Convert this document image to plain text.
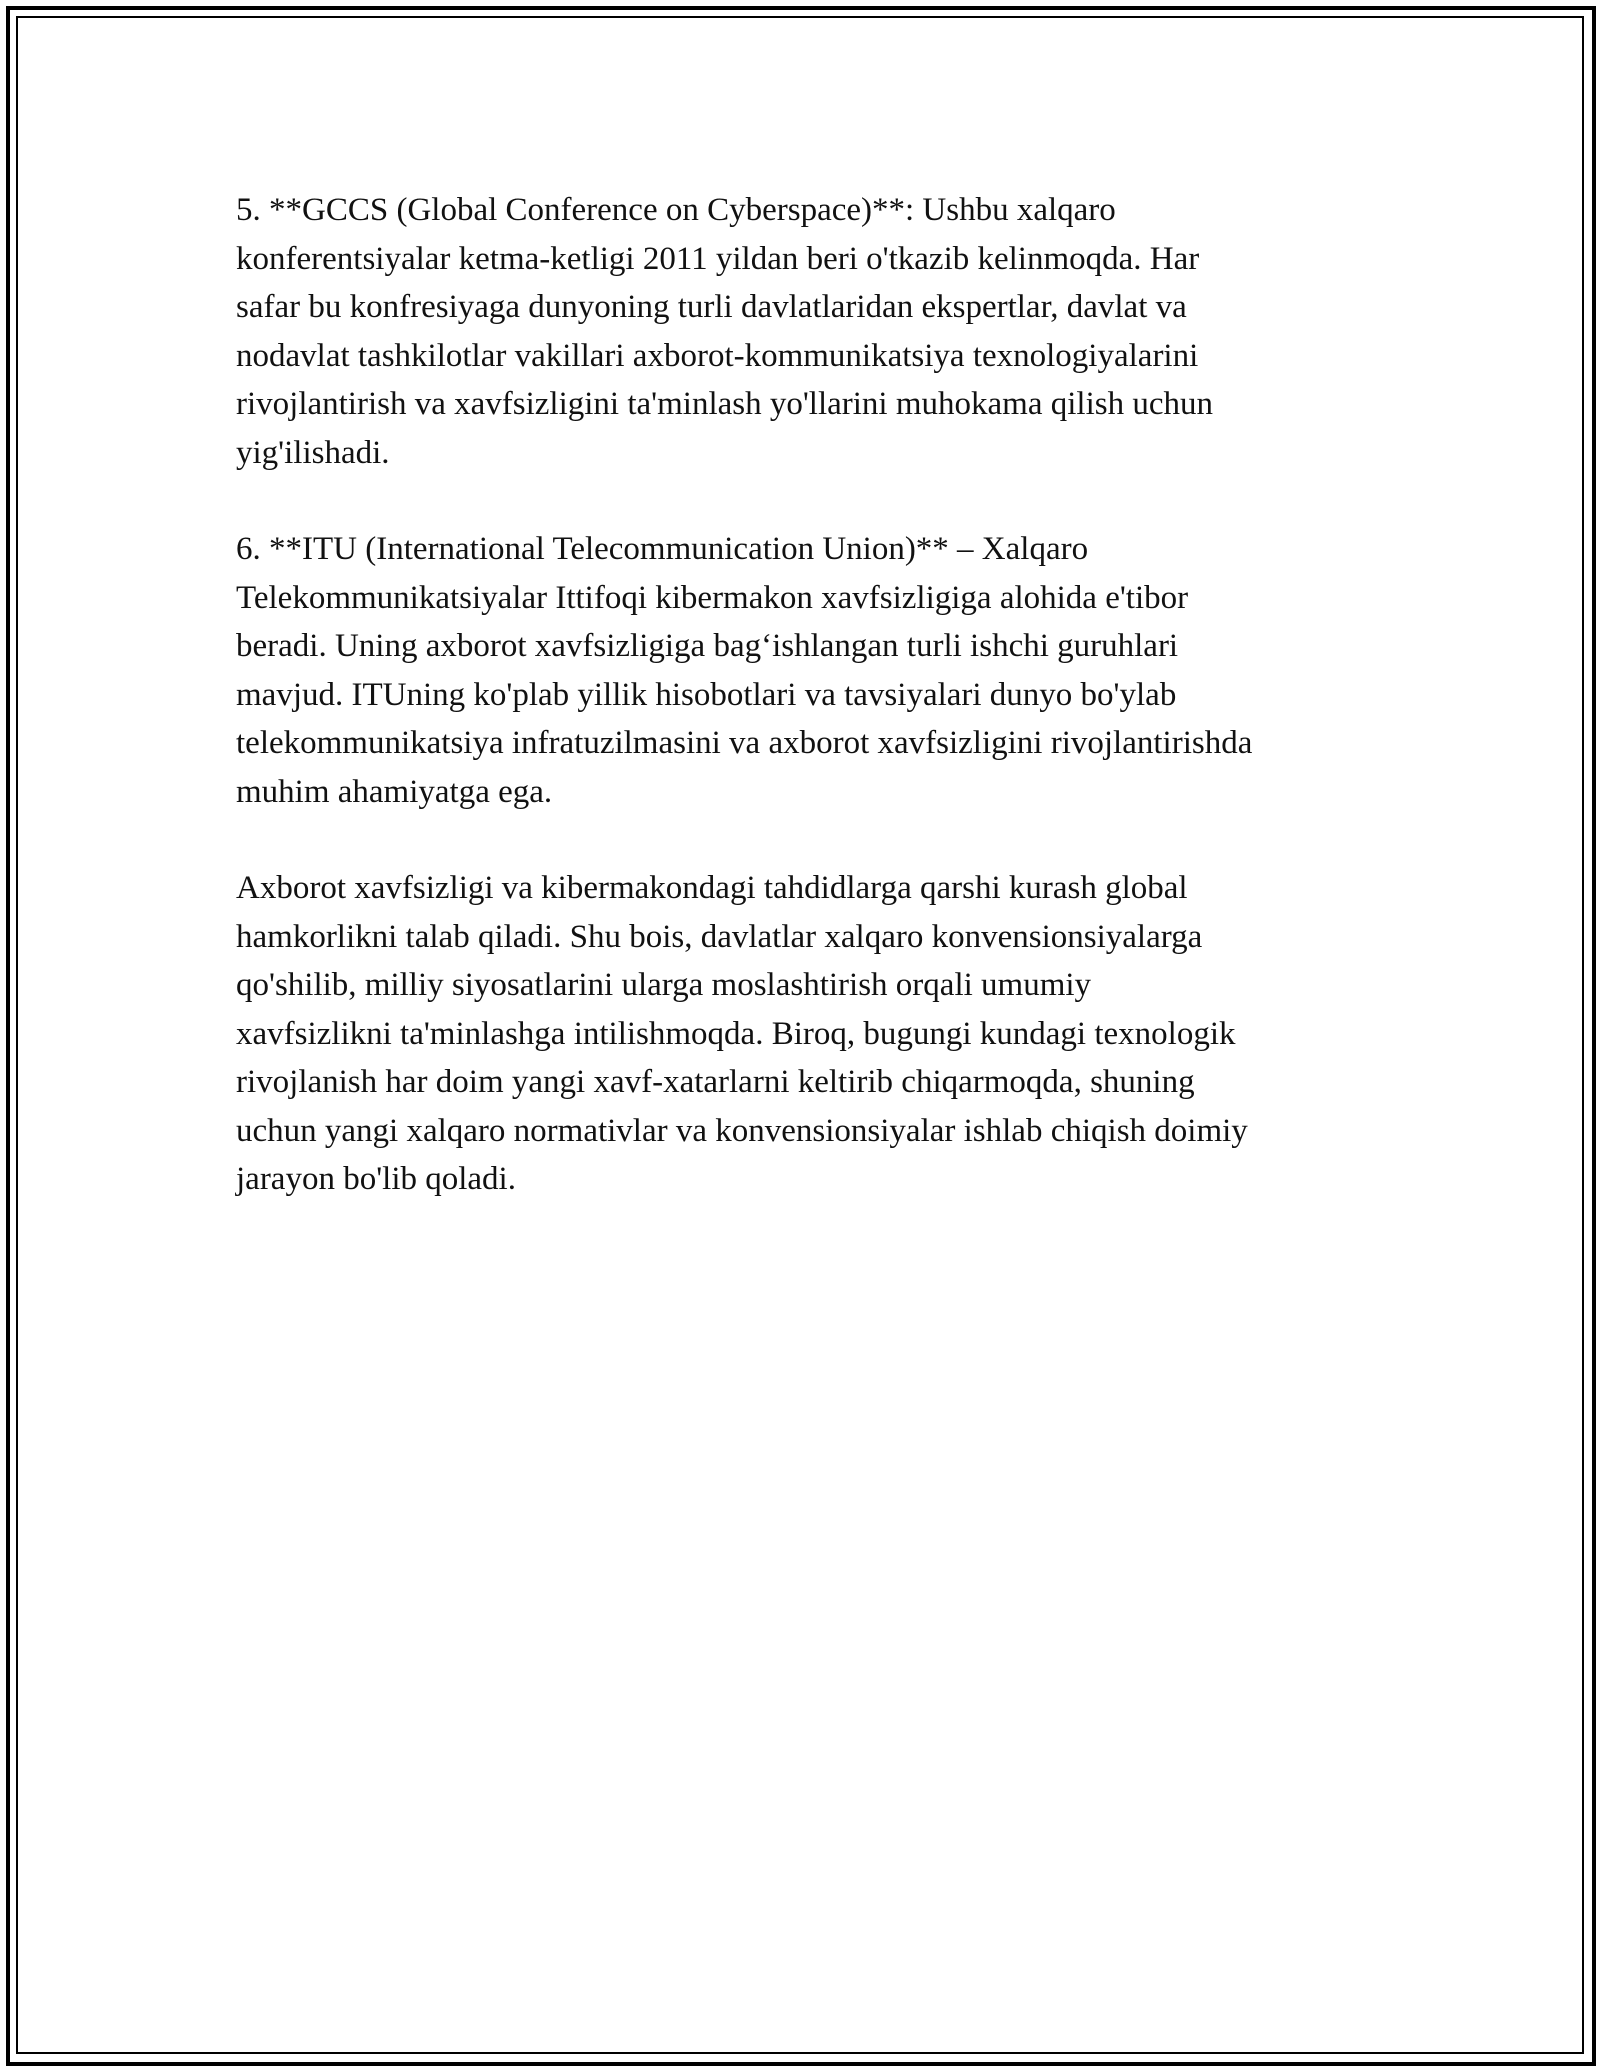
5. **GCCS (Global Conference on Cyberspace)**: Ushbu xalqaro
konferentsiyalar ketma-ketligi 2011 yildan beri o'tkazib kelinmoqda. Har
safar bu konfresiyaga dunyoning turli davlatlaridan ekspertlar, davlat va
nodavlat tashkilotlar vakillari axborot-kommunikatsiya texnologiyalarini
rivojlantirish va xavfsizligini ta'minlash yo'llarini muhokama qilish uchun
yig'ilishadi.

6. **ITU (International Telecommunication Union)** – Xalqaro
Telekommunikatsiyalar Ittifoqi kibermakon xavfsizligiga alohida e'tibor
beradi. Uning axborot xavfsizligiga bag‘ishlangan turli ishchi guruhlari
mavjud. ITUning ko'plab yillik hisobotlari va tavsiyalari dunyo bo'ylab
telekommunikatsiya infratuzilmasini va axborot xavfsizligini rivojlantirishda
muhim ahamiyatga ega.

Axborot xavfsizligi va kibermakondagi tahdidlarga qarshi kurash global
hamkorlikni talab qiladi. Shu bois, davlatlar xalqaro konvensionsiyalarga
qo'shilib, milliy siyosatlarini ularga moslashtirish orqali umumiy
xavfsizlikni ta'minlashga intilishmoqda. Biroq, bugungi kundagi texnologik
rivojlanish har doim yangi xavf-xatarlarni keltirib chiqarmoqda, shuning
uchun yangi xalqaro normativlar va konvensionsiyalar ishlab chiqish doimiy
jarayon bo'lib qoladi.
